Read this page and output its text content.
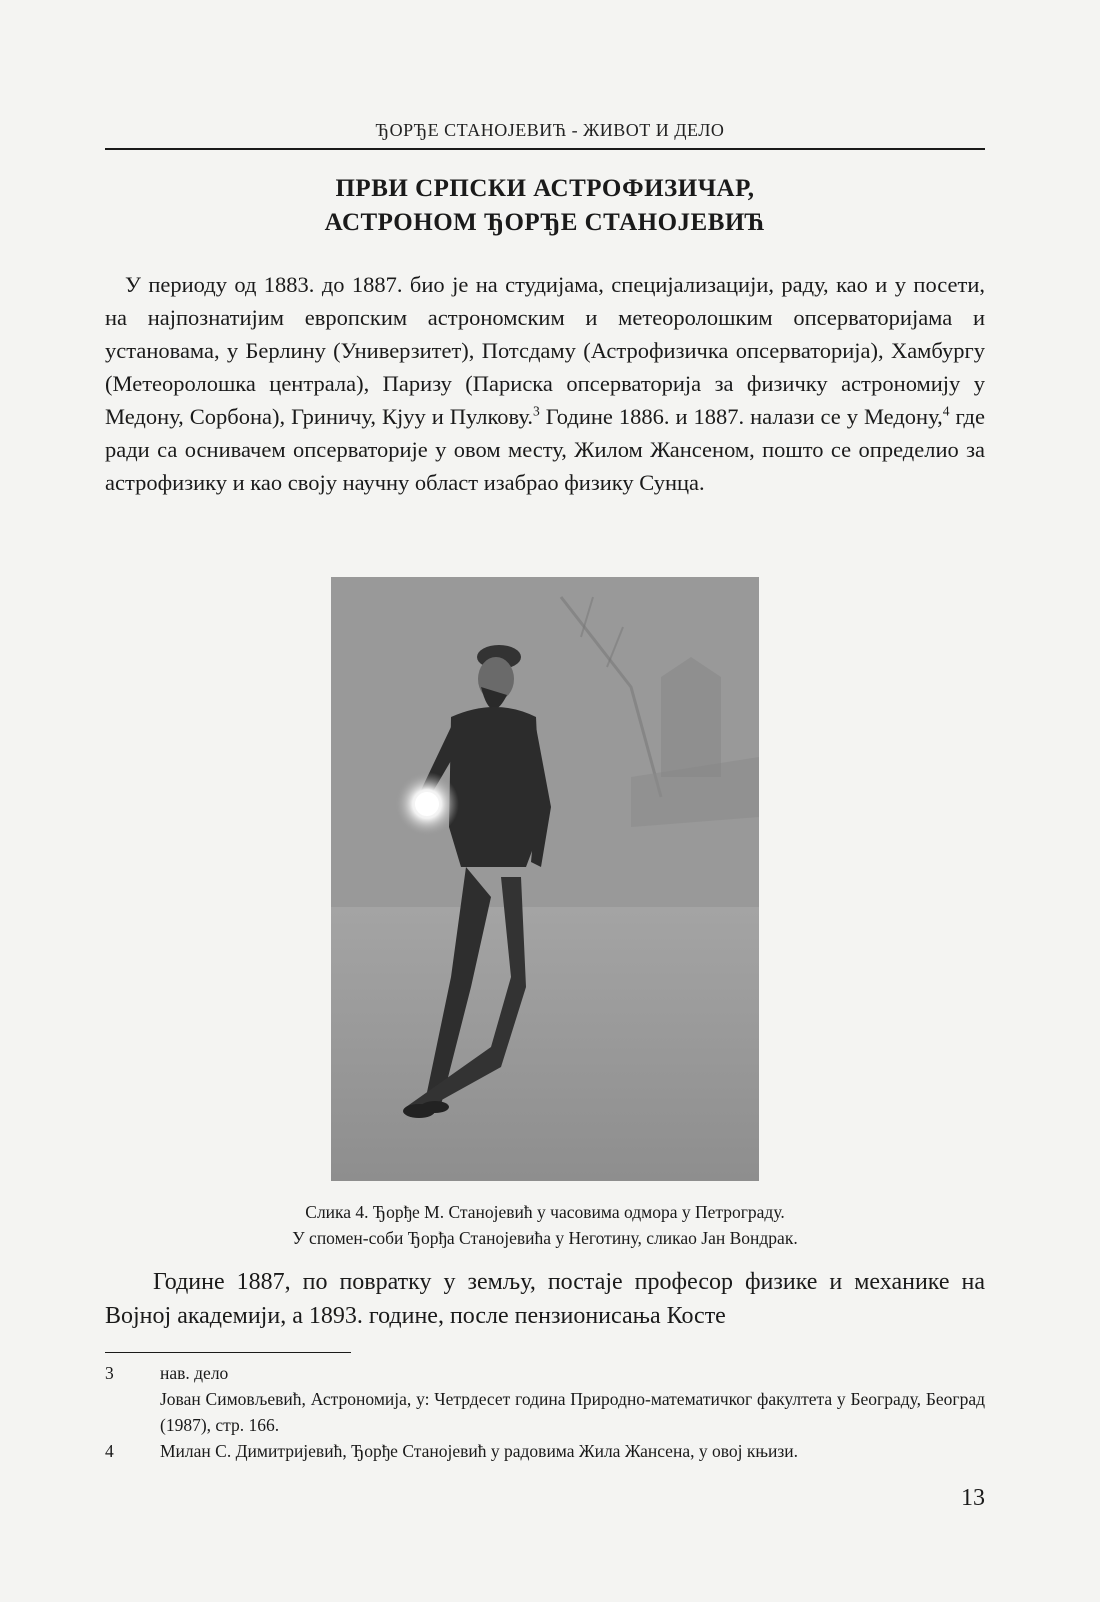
ЂОРЂЕ СТАНОЈЕВИЋ - ЖИВОТ И ДЕЛО
ПРВИ СРПСКИ АСТРОФИЗИЧАР,
АСТРОНОМ ЂОРЂЕ СТАНОЈЕВИЋ
У периоду од 1883. до 1887. био је на студијама, специјализацији, раду, као и у посети, на најпознатијим европским астрономским и метеоролошким опсерваторијама и установама, у Берлину (Универзитет), Потсдаму (Астрофизичка опсерваторија), Хамбургу (Метеоролошка централа), Паризу (Париска опсерваторија за физичку астрономију у Медону, Сорбона), Гриничу, Кјуу и Пулкову.$^3$ Године 1886. и 1887. налази се у Медону,$^4$ где ради са оснивачем опсерваторије у овом месту, Жилом Жансеном, пошто се определио за астрофизику и као своју научну област изабрао физику Сунца.
Слика 4. Ђорђе М. Станојевић у часовима одмора у Петрограду.
У спомен-соби Ђорђа Станојевића у Неготину, сликао Јан Вондрак.
Године 1887, по повратку у земљу, постаје професор физике и механике на Војној академији, а 1893. године, после пензионисања Косте
3	нав. дело
Јован Симовљевић, Астрономија, у: Четрдесет година Природно-математичког факултета у Београду, Београд (1987), стр. 166.
4	Милан С. Димитријевић, Ђорђе Станојевић у радовима Жила Жансена, у овој књизи.
13
